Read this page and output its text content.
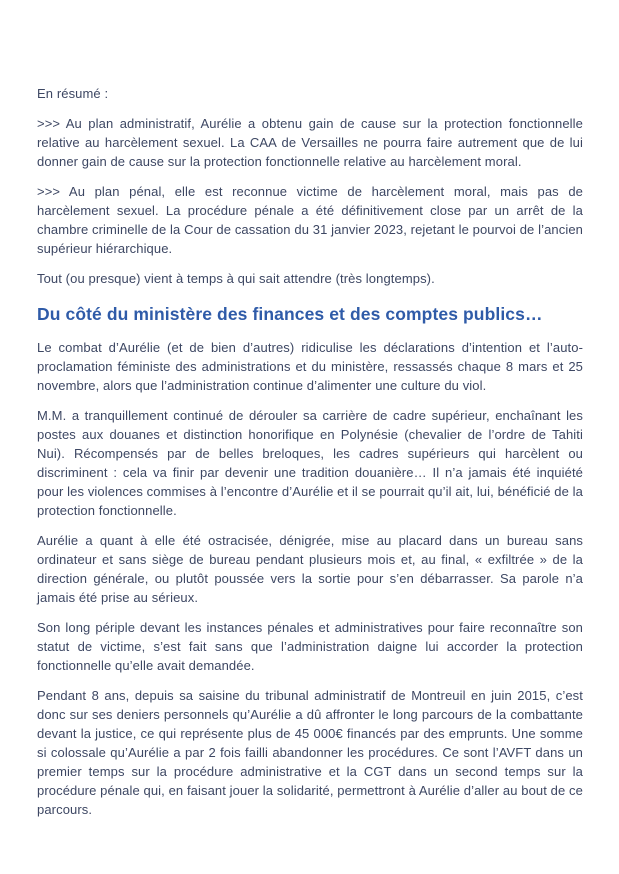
En résumé :

>>> Au plan administratif, Aurélie a obtenu gain de cause sur la protection fonctionnelle relative au harcèlement sexuel. La CAA de Versailles ne pourra faire autrement que de lui donner gain de cause sur la protection fonctionnelle relative au harcèlement moral.

>>> Au plan pénal, elle est reconnue victime de harcèlement moral, mais pas de harcèlement sexuel. La procédure pénale a été définitivement close par un arrêt de la chambre criminelle de la Cour de cassation du 31 janvier 2023, rejetant le pourvoi de l’ancien supérieur hiérarchique.

Tout (ou presque) vient à temps à qui sait attendre (très longtemps).

Du côté du ministère des finances et des comptes publics…

Le combat d’Aurélie (et de bien d’autres) ridiculise les déclarations d’intention et l’auto-proclamation féministe des administrations et du ministère, ressassés chaque 8 mars et 25 novembre, alors que l’administration continue d’alimenter une culture du viol.

M.M. a tranquillement continué de dérouler sa carrière de cadre supérieur, enchaînant les postes aux douanes et distinction honorifique en Polynésie (chevalier de l’ordre de Tahiti Nui). Récompensés par de belles breloques, les cadres supérieurs qui harcèlent ou discriminent : cela va finir par devenir une tradition douanière… Il n’a jamais été inquiété pour les violences commises à l’encontre d’Aurélie et il se pourrait qu’il ait, lui, bénéficié de la protection fonctionnelle.

Aurélie a quant à elle été ostracisée, dénigrée, mise au placard dans un bureau sans ordinateur et sans siège de bureau pendant plusieurs mois et, au final, « exfiltrée » de la direction générale, ou plutôt poussée vers la sortie pour s’en débarrasser. Sa parole n’a jamais été prise au sérieux.

Son long périple devant les instances pénales et administratives pour faire reconnaître son statut de victime, s’est fait sans que l’administration daigne lui accorder la protection fonctionnelle qu’elle avait demandée.

Pendant 8 ans, depuis sa saisine du tribunal administratif de Montreuil en juin 2015, c’est donc sur ses deniers personnels qu’Aurélie a dû affronter le long parcours de la combattante devant la justice, ce qui représente plus de 45 000€ financés par des emprunts. Une somme si colossale qu’Aurélie a par 2 fois failli abandonner les procédures. Ce sont l’AVFT dans un premier temps sur la procédure administrative et la CGT dans un second temps sur la procédure pénale qui, en faisant jouer la solidarité, permettront à Aurélie d’aller au bout de ce parcours.
